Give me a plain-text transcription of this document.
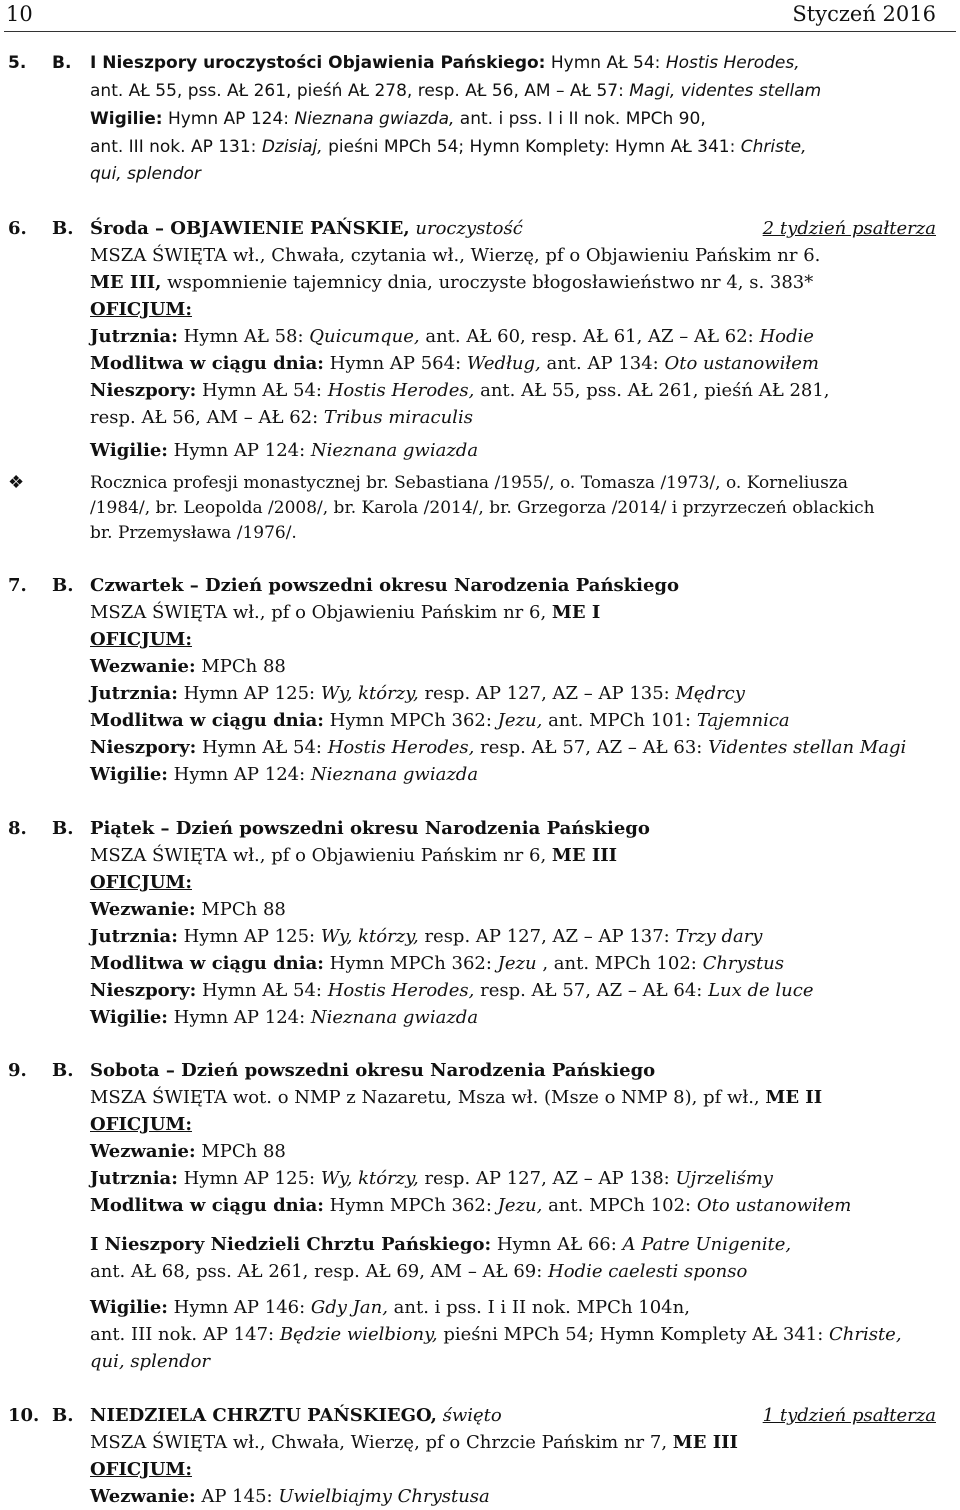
10	Styczeń 2016
5. B. I Nieszpory uroczystości Objawienia Pańskiego: Hymn AŁ 54: Hostis Herodes,
ant. AŁ 55, pss. AŁ 261, pieśń AŁ 278, resp. AŁ 56, AM – AŁ 57: Magi, videntes stellam
Wigilie: Hymn AP 124: Nieznana gwiazda, ant. i pss. I i II nok. MPCh 90,
ant. III nok. AP 131: Dzisiaj, pieśni MPCh 54; Hymn Komplety: Hymn AŁ 341: Christe,
qui, splendor
6. B. Środa – OBJAWIENIE PAŃSKIE, uroczystość	2 tydzień psałterza
MSZA ŚWIĘTA wł., Chwała, czytania wł., Wierzę, pf o Objawieniu Pańskim nr 6.
ME III, wspomnienie tajemnicy dnia, uroczyste błogosławieństwo nr 4, s. 383*
OFICJUM:
Jutrznia: Hymn AŁ 58: Quicumque, ant. AŁ 60, resp. AŁ 61, AZ – AŁ 62: Hodie
Modlitwa w ciągu dnia: Hymn AP 564: Według, ant. AP 134: Oto ustanowiłem
Nieszpory: Hymn AŁ 54: Hostis Herodes, ant. AŁ 55, pss. AŁ 261, pieśń AŁ 281,
resp. AŁ 56, AM – AŁ 62: Tribus miraculis
Wigilie: Hymn AP 124: Nieznana gwiazda
❖	Rocznica profesji monastycznej br. Sebastiana /1955/, o. Tomasza /1973/, o. Korneliusza
/1984/, br. Leopolda /2008/, br. Karola /2014/, br. Grzegorza /2014/ i przyrzeczeń oblackich
br. Przemysława /1976/.
7. B. Czwartek – Dzień powszedni okresu Narodzenia Pańskiego
MSZA ŚWIĘTA wł., pf o Objawieniu Pańskim nr 6, ME I
OFICJUM:
Wezwanie: MPCh 88
Jutrznia: Hymn AP 125: Wy, którzy, resp. AP 127, AZ – AP 135: Mędrcy
Modlitwa w ciągu dnia: Hymn MPCh 362: Jezu, ant. MPCh 101: Tajemnica
Nieszpory: Hymn AŁ 54: Hostis Herodes, resp. AŁ 57, AZ – AŁ 63: Videntes stellan Magi
Wigilie: Hymn AP 124: Nieznana gwiazda
8. B. Piątek – Dzień powszedni okresu Narodzenia Pańskiego
MSZA ŚWIĘTA wł., pf o Objawieniu Pańskim nr 6, ME III
OFICJUM:
Wezwanie: MPCh 88
Jutrznia: Hymn AP 125: Wy, którzy, resp. AP 127, AZ – AP 137: Trzy dary
Modlitwa w ciągu dnia: Hymn MPCh 362: Jezu , ant. MPCh 102: Chrystus
Nieszpory: Hymn AŁ 54: Hostis Herodes, resp. AŁ 57, AZ – AŁ 64: Lux de luce
Wigilie: Hymn AP 124: Nieznana gwiazda
9. B. Sobota – Dzień powszedni okresu Narodzenia Pańskiego
MSZA ŚWIĘTA wot. o NMP z Nazaretu, Msza wł. (Msze o NMP 8), pf wł., ME II
OFICJUM:
Wezwanie: MPCh 88
Jutrznia: Hymn AP 125: Wy, którzy, resp. AP 127, AZ – AP 138: Ujrzeliśmy
Modlitwa w ciągu dnia: Hymn MPCh 362: Jezu, ant. MPCh 102: Oto ustanowiłem
I Nieszpory Niedzieli Chrztu Pańskiego: Hymn AŁ 66: A Patre Unigenite,
ant. AŁ 68, pss. AŁ 261, resp. AŁ 69, AM – AŁ 69: Hodie caelesti sponso
Wigilie: Hymn AP 146: Gdy Jan, ant. i pss. I i II nok. MPCh 104n,
ant. III nok. AP 147: Będzie wielbiony, pieśni MPCh 54; Hymn Komplety AŁ 341: Christe,
qui, splendor
10. B. NIEDZIELA CHRZTU PAŃSKIEGO, święto	1 tydzień psałterza
MSZA ŚWIĘTA wł., Chwała, Wierzę, pf o Chrzcie Pańskim nr 7, ME III
OFICJUM:
Wezwanie: AP 145: Uwielbiajmy Chrystusa
